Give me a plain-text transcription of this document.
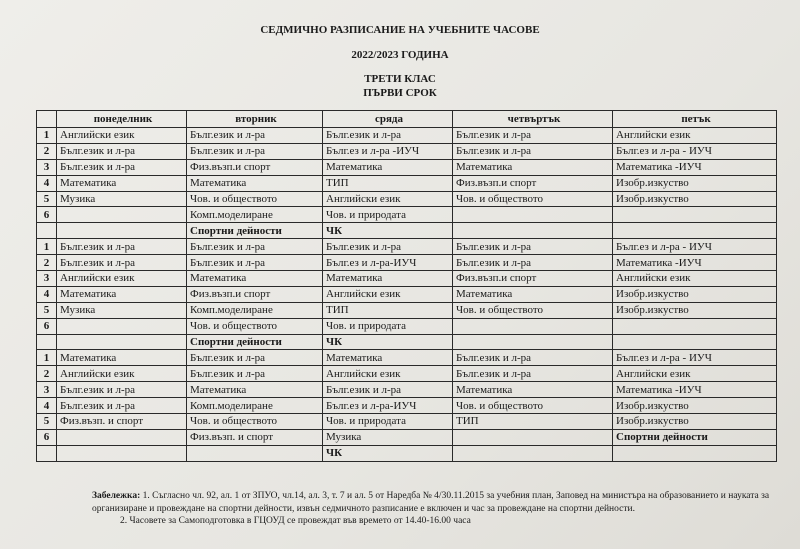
СЕДМИЧНО РАЗПИСАНИЕ НА УЧЕБНИТЕ ЧАСОВЕ
2022/2023 ГОДИНА
ТРЕТИ КЛАС
ПЪРВИ СРОК
	понеделник	вторник	сряда	четвъртък	петък
1	Английски език	Бълг.език и л-ра	Бълг.език и л-ра	Бълг.език и л-ра	Английски език
2	Бълг.език и л-ра	Бълг.език и л-ра	Бълг.ез и л-ра -ИУЧ	Бълг.език и л-ра	Бълг.ез и л-ра - ИУЧ
3	Бълг.език и л-ра	Физ.възп.и спорт	Математика	Математика	Математика -ИУЧ
4	Математика	Математика	ТИП	Физ.възп.и спорт	Изобр.изкуство
5	Музика	Чов. и обществото	Английски език	Чов. и обществото	Изобр.изкуство
6		Комп.моделиране	Чов. и природата		
		Спортни дейности	ЧК		
1	Бълг.език и л-ра	Бълг.език и л-ра	Бълг.език и л-ра	Бълг.език и л-ра	Бълг.ез и л-ра - ИУЧ
2	Бълг.език и л-ра	Бълг.език и л-ра	Бълг.ез и л-ра-ИУЧ	Бълг.език и л-ра	Математика -ИУЧ
3	Английски език	Математика	Математика	Физ.възп.и спорт	Английски език
4	Математика	Физ.възп.и спорт	Английски език	Математика	Изобр.изкуство
5	Музика	Комп.моделиране	ТИП	Чов. и обществото	Изобр.изкуство
6		Чов. и обществото	Чов. и природата		
		Спортни дейности	ЧК		
1	Математика	Бълг.език и л-ра	Математика	Бълг.език и л-ра	Бълг.ез и л-ра - ИУЧ
2	Английски език	Бълг.език и л-ра	Английски език	Бълг.език и л-ра	Английски език
3	Бълг.език и л-ра	Математика	Бълг.език и л-ра	Математика	Математика -ИУЧ
4	Бълг.език и л-ра	Комп.моделиране	Бълг.ез и л-ра-ИУЧ	Чов. и обществото	Изобр.изкуство
5	Физ.възп. и спорт	Чов. и обществото	Чов. и природата	ТИП	Изобр.изкуство
6		Физ.възп. и спорт	Музика		Спортни дейности
			ЧК		
Забележка: 1. Съгласно чл. 92, ал. 1 от ЗПУО, чл.14, ал. 3, т. 7 и ал. 5 от Наредба № 4/30.11.2015 за учебния план, Заповед на министъра на образованието и науката за организиране и провеждане на спортни дейности, извън седмичното разписание е включен и час за провеждане на спортни дейности.
2. Часовете за Самоподготовка в ГЦОУД се провеждат във времето от 14.40-16.00 часа
